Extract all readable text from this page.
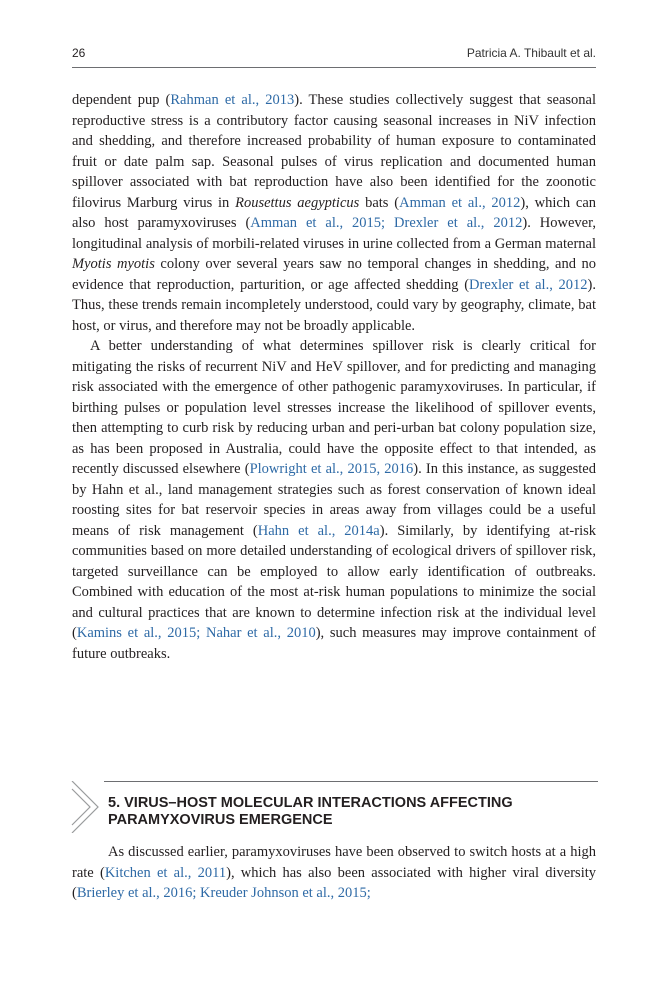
26	Patricia A. Thibault et al.

dependent pup (Rahman et al., 2013). These studies collectively suggest that seasonal reproductive stress is a contributory factor causing seasonal increases in NiV infection and shedding, and therefore increased probability of human exposure to contaminated fruit or date palm sap. Seasonal pulses of virus replication and documented human spillover associated with bat reproduction have also been identified for the zoonotic filovirus Marburg virus in Rousettus aegypticus bats (Amman et al., 2012), which can also host paramyxoviruses (Amman et al., 2015; Drexler et al., 2012). However, longitudinal analysis of morbili-related viruses in urine collected from a German maternal Myotis myotis colony over several years saw no temporal changes in shedding, and no evidence that reproduction, parturition, or age affected shedding (Drexler et al., 2012). Thus, these trends remain incompletely understood, could vary by geography, climate, bat host, or virus, and therefore may not be broadly applicable.

A better understanding of what determines spillover risk is clearly critical for mitigating the risks of recurrent NiV and HeV spillover, and for predicting and managing risk associated with the emergence of other pathogenic paramyxoviruses. In particular, if birthing pulses or population level stresses increase the likelihood of spillover events, then attempting to curb risk by reducing urban and peri-urban bat colony population size, as has been proposed in Australia, could have the opposite effect to that intended, as recently discussed elsewhere (Plowright et al., 2015, 2016). In this instance, as suggested by Hahn et al., land management strategies such as forest conservation of known ideal roosting sites for bat reservoir species in areas away from villages could be a useful means of risk management (Hahn et al., 2014a). Similarly, by identifying at-risk communities based on more detailed understanding of ecological drivers of spillover risk, targeted surveillance can be employed to allow early identification of outbreaks. Combined with education of the most at-risk human populations to minimize the social and cultural practices that are known to determine infection risk at the individual level (Kamins et al., 2015; Nahar et al., 2010), such measures may improve containment of future outbreaks.

5. VIRUS–HOST MOLECULAR INTERACTIONS AFFECTING PARAMYXOVIRUS EMERGENCE

As discussed earlier, paramyxoviruses have been observed to switch hosts at a high rate (Kitchen et al., 2011), which has also been associated with higher viral diversity (Brierley et al., 2016; Kreuder Johnson et al., 2015;
